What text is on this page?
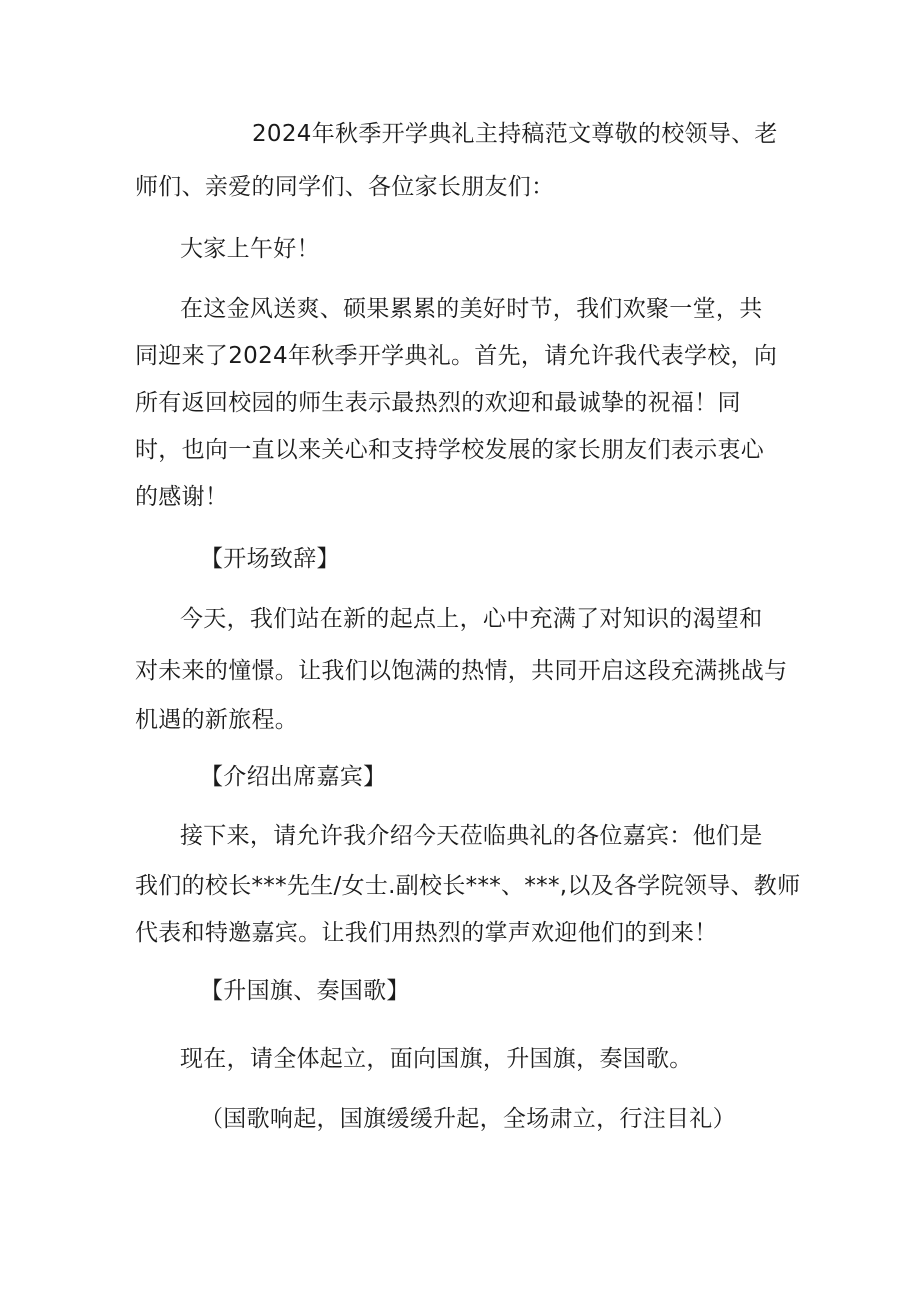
2024年秋季开学典礼主持稿范文尊敬的校领导、老
师们、亲爱的同学们、各位家长朋友们：
大家上午好！
在这金风送爽、硕果累累的美好时节，我们欢聚一堂，共
同迎来了2024年秋季开学典礼。首先，请允许我代表学校，向
所有返回校园的师生表示最热烈的欢迎和最诚挚的祝福！同
时，也向一直以来关心和支持学校发展的家长朋友们表示衷心
的感谢！
【开场致辞】
今天，我们站在新的起点上，心中充满了对知识的渴望和
对未来的憧憬。让我们以饱满的热情，共同开启这段充满挑战与
机遇的新旅程。
【介绍出席嘉宾】
接下来，请允许我介绍今天莅临典礼的各位嘉宾：他们是
我们的校长***先生/女士.副校长***、***,以及各学院领导、教师
代表和特邀嘉宾。让我们用热烈的掌声欢迎他们的到来！
【升国旗、奏国歌】
现在，请全体起立，面向国旗，升国旗，奏国歌。
（国歌响起，国旗缓缓升起，全场肃立，行注目礼）
